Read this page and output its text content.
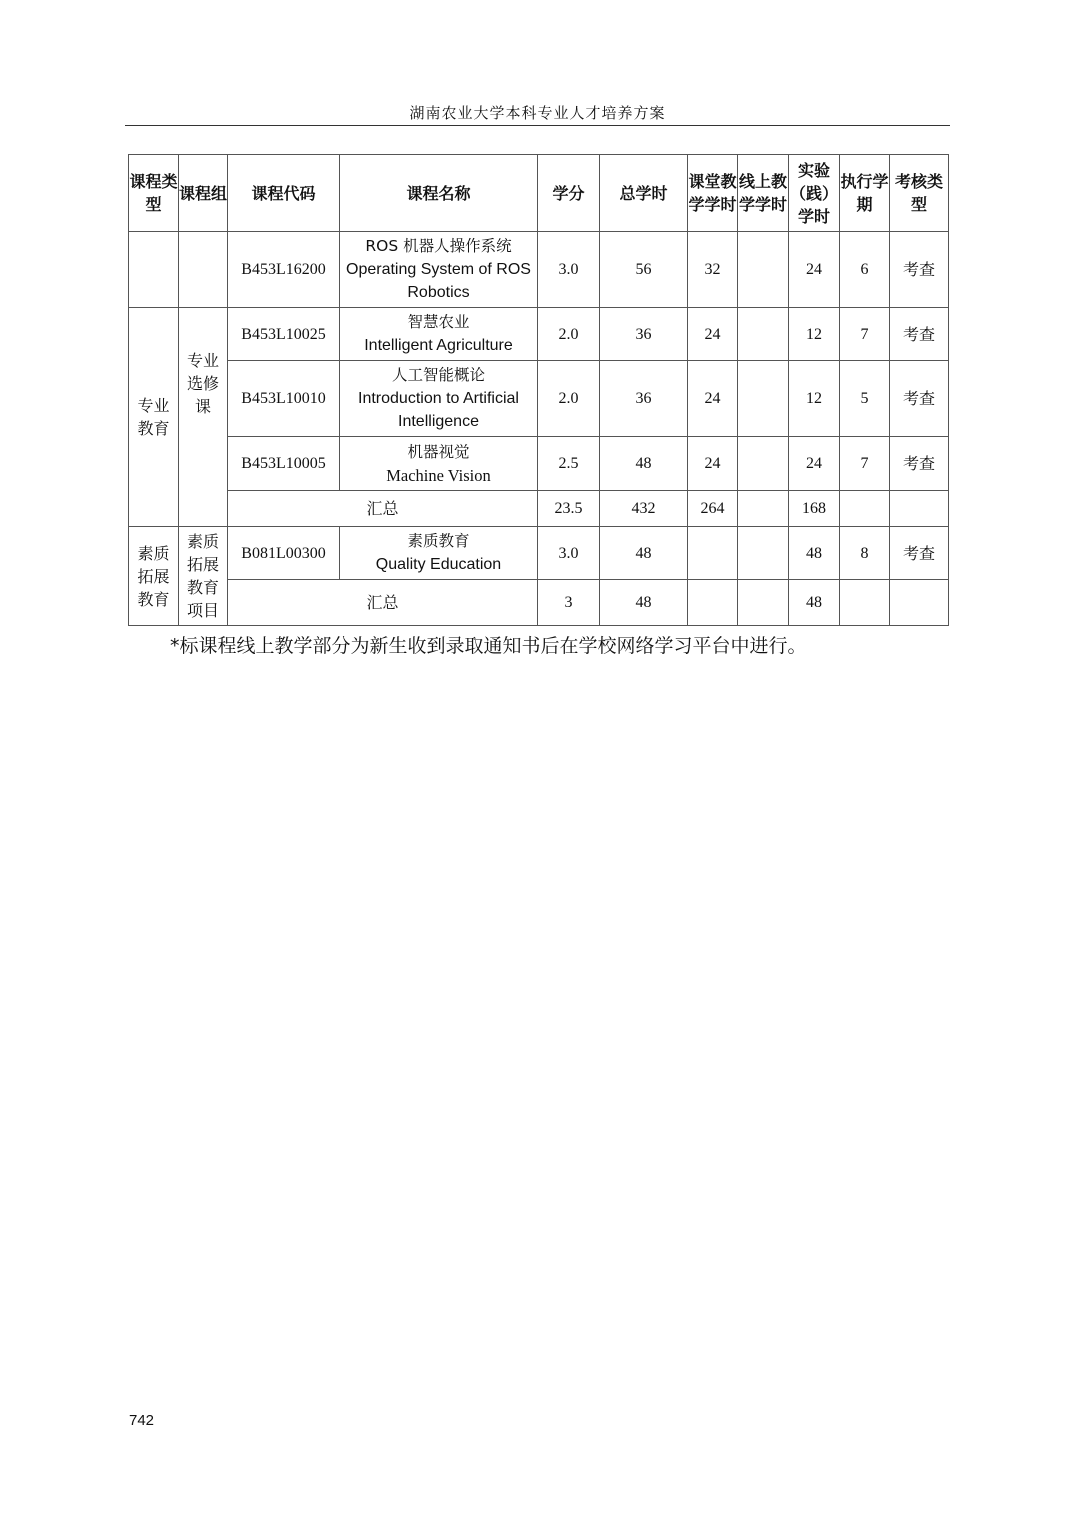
湖南农业大学本科专业人才培养方案
课程类型	课程组	课程代码	课程名称	学分	总学时	课堂教学学时	线上教学学时	实验（践）学时	执行学期	考核类型
		B453L16200	ROS 机器人操作系统
Operating System of ROS Robotics	3.0	56	32		24	6	考查

专业教育	专业选修课	B453L10025	智慧农业
Intelligent Agriculture	2.0	36	24		12	7	考查
		B453L10010	人工智能概论
Introduction to Artificial Intelligence	2.0	36	24		12	5	考查
		B453L10005	机器视觉
Machine Vision	2.5	48	24		24	7	考查
		汇总		23.5	432	264		168		

素质拓展教育	素质拓展教育项目	B081L00300	素质教育
Quality Education	3.0	48			48	8	考查
		汇总		3	48			48		
*标课程线上教学部分为新生收到录取通知书后在学校网络学习平台中进行。
742
